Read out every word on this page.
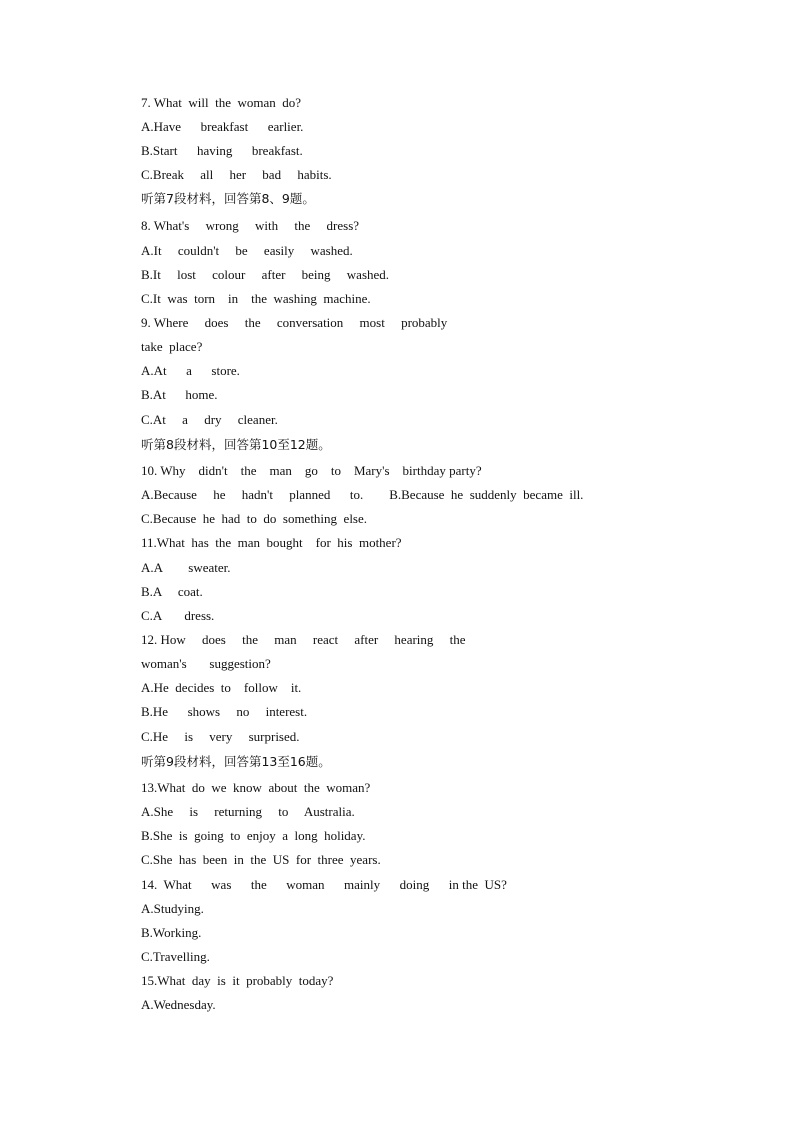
7. What  will  the  woman  do?
A.Have      breakfast      earlier.
B.Start      having      breakfast.
C.Break     all     her     bad     habits.
听第7段材料，回答第8、9题。
8. What's     wrong     with     the     dress?
A.It     couldn't     be     easily     washed.
B.It     lost     colour     after     being     washed.
C.It  was  torn    in    the  washing  machine.
9. Where     does     the     conversation     most     probably
take  place?
A.At      a      store.
B.At      home.
C.At     a     dry     cleaner.
听第8段材料，回答第10至12题。
10. Why    didn't    the    man    go    to    Mary's    birthday party?
A.Because     he     hadn't     planned      to.        B.Because  he  suddenly  became  ill.
C.Because  he  had  to  do  something  else.
11.What  has  the  man  bought    for  his  mother?
A.A        sweater.
B.A     coat.
C.A       dress.
12. How     does     the     man     react     after     hearing     the
woman's       suggestion?
A.He  decides  to    follow    it.
B.He      shows     no     interest.
C.He     is     very     surprised.
听第9段材料，回答第13至16题。
13.What  do  we  know  about  the  woman?
A.She     is     returning     to     Australia.
B.She  is  going  to  enjoy  a  long  holiday.
C.She  has  been  in  the  US  for  three  years.
14.  What      was      the      woman      mainly      doing      in the  US?
A.Studying.
B.Working.
C.Travelling.
15.What  day  is  it  probably  today?
A.Wednesday.
